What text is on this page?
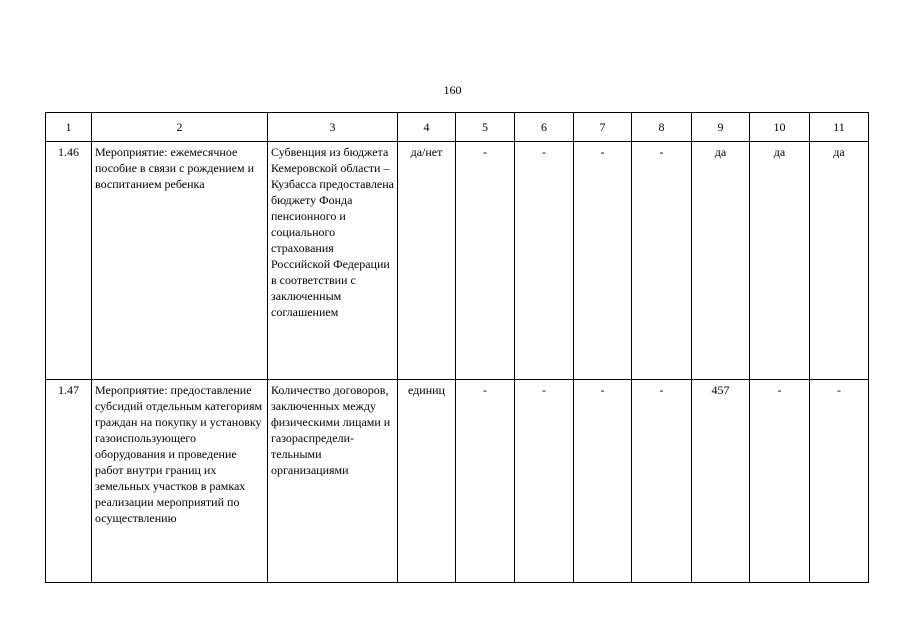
160
1	2	3	4	5	6	7	8	9	10	11
1.46	Мероприятие: ежемесячное пособие в связи с рождением и воспитанием ребенка	Субвенция из бюджета Кемеровской области – Кузбасса предоставлена бюджету Фонда пенсионного и социального страхования Российской Федерации в соответствии с заключенным соглашением	да/нет	-	-	-	-	да	да	да
1.47	Мероприятие: предоставление субсидий отдельным категориям граждан на покупку и установку газоиспользующего оборудования и проведение работ внутри границ их земельных участков в рамках реализации мероприятий по осуществлению	Количество договоров, заключенных между физическими лицами и газораспредели-тельными организациями	единиц	-	-	-	-	457	-	-
